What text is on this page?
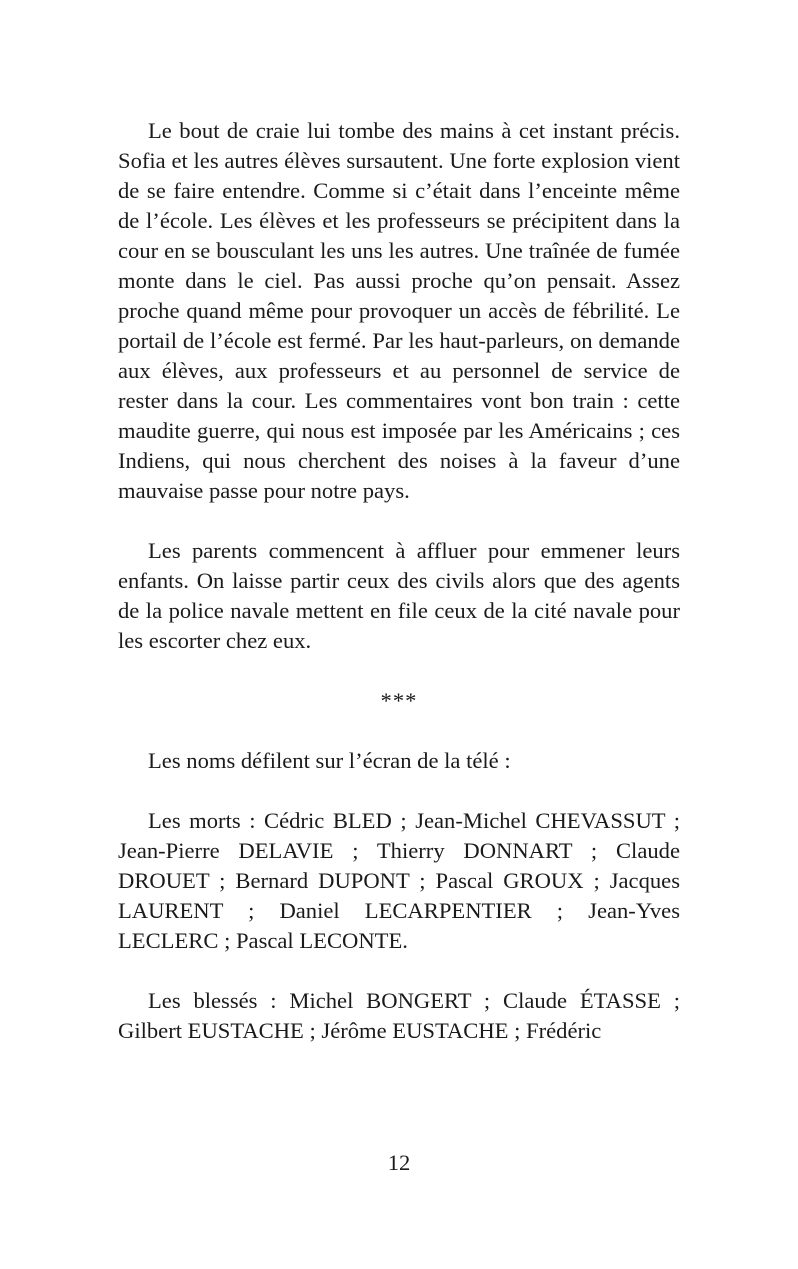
Le bout de craie lui tombe des mains à cet instant précis. Sofia et les autres élèves sursautent. Une forte explosion vient de se faire entendre. Comme si c’était dans l’enceinte même de l’école. Les élèves et les professeurs se précipitent dans la cour en se bousculant les uns les autres. Une traînée de fumée monte dans le ciel. Pas aussi proche qu’on pensait. Assez proche quand même pour provoquer un accès de fébrilité. Le portail de l’école est fermé. Par les haut-parleurs, on demande aux élèves, aux professeurs et au personnel de service de rester dans la cour. Les commentaires vont bon train : cette maudite guerre, qui nous est imposée par les Américains ; ces Indiens, qui nous cherchent des noises à la faveur d’une mauvaise passe pour notre pays.

Les parents commencent à affluer pour emmener leurs enfants. On laisse partir ceux des civils alors que des agents de la police navale mettent en file ceux de la cité navale pour les escorter chez eux.

***

Les noms défilent sur l’écran de la télé :

Les morts : Cédric BLED ; Jean-Michel CHEVASSUT ; Jean-Pierre DELAVIE ; Thierry DONNART ; Claude DROUET ; Bernard DUPONT ; Pascal GROUX ; Jacques LAURENT ; Daniel LECARPENTIER ; Jean-Yves LECLERC ; Pascal LECONTE.

Les blessés : Michel BONGERT ; Claude ÉTASSE ; Gilbert EUSTACHE ; Jérôme EUSTACHE ; Frédéric

12
